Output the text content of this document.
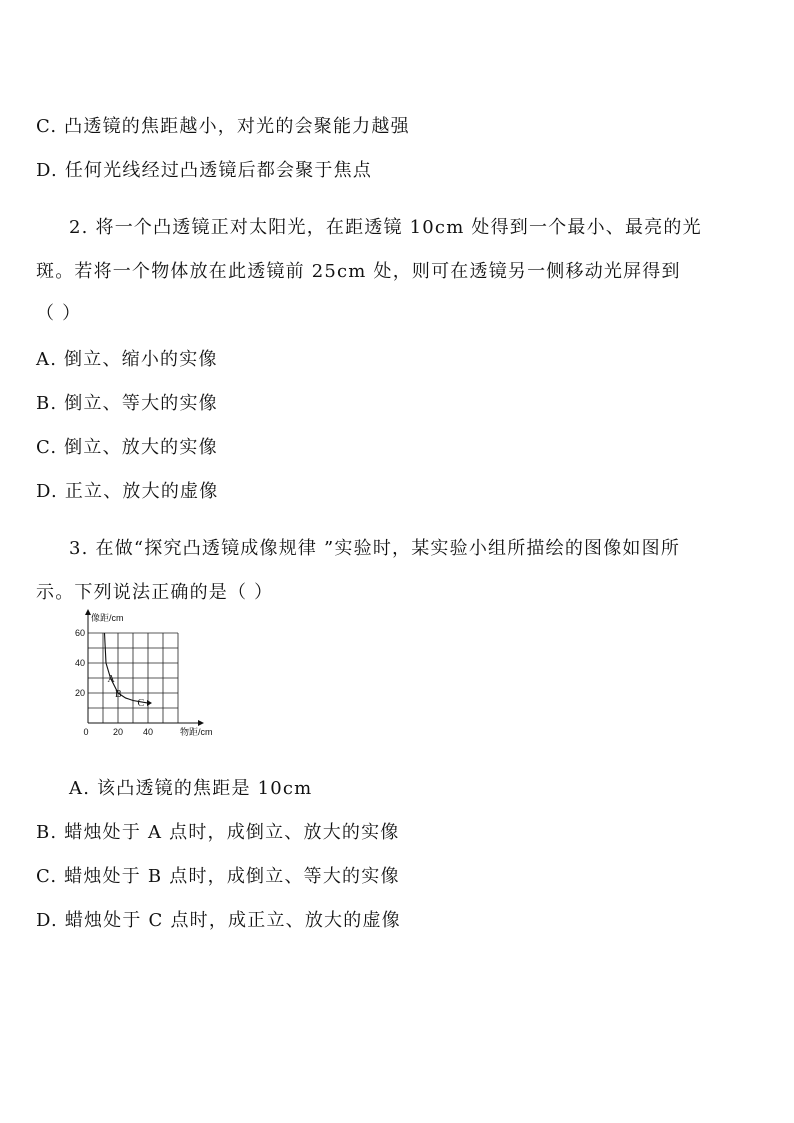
C. 凸透镜的焦距越小，对光的会聚能力越强
D. 任何光线经过凸透镜后都会聚于焦点
2. 将一个凸透镜正对太阳光，在距透镜 10cm 处得到一个最小、最亮的光
斑。若将一个物体放在此透镜前 25cm 处，则可在透镜另一侧移动光屏得到
（ ）
A. 倒立、缩小的实像
B. 倒立、等大的实像
C. 倒立、放大的实像
D. 正立、放大的虚像
3. 在做“探究凸透镜成像规律 ”实验时，某实验小组所描绘的图像如图所
示。下列说法正确的是（ ）
像距/cm
物距/cm
20
40
60
0	20 40
A
B
C
A. 该凸透镜的焦距是 10cm
B. 蜡烛处于 A 点时，成倒立、放大的实像
C. 蜡烛处于 B 点时，成倒立、等大的实像
D. 蜡烛处于 C 点时，成正立、放大的虚像
